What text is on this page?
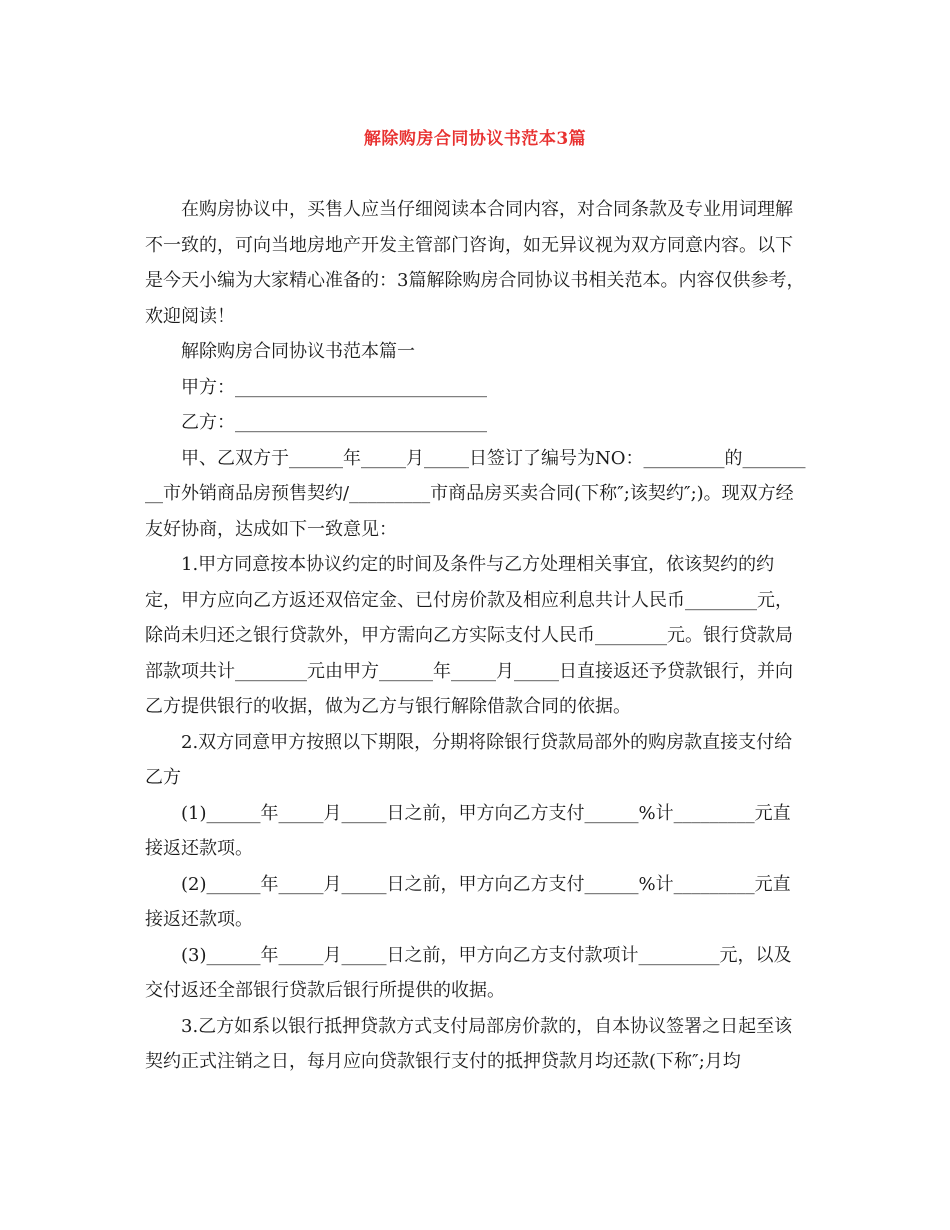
解除购房合同协议书范本3篇

在购房协议中，买售人应当仔细阅读本合同内容，对合同条款及专业用词理解不一致的，可向当地房地产开发主管部门咨询，如无异议视为双方同意内容。以下是今天小编为大家精心准备的：3篇解除购房合同协议书相关范本。内容仅供参考，欢迎阅读！

解除购房合同协议书范本篇一

甲方：____________________________

乙方：____________________________

甲、乙双方于______年_____月_____日签订了编号为NO：_________的_________市外销商品房预售契约/_________市商品房买卖合同(下称″;该契约″;)。现双方经友好协商，达成如下一致意见：

1.甲方同意按本协议约定的时间及条件与乙方处理相关事宜，依该契约的约定，甲方应向乙方返还双倍定金、已付房价款及相应利息共计人民币________元，除尚未归还之银行贷款外，甲方需向乙方实际支付人民币________元。银行贷款局部款项共计________元由甲方______年_____月_____日直接返还予贷款银行，并向乙方提供银行的收据，做为乙方与银行解除借款合同的依据。

2.双方同意甲方按照以下期限，分期将除银行贷款局部外的购房款直接支付给乙方

(1)______年_____月_____日之前，甲方向乙方支付______%计_________元直接返还款项。

(2)______年_____月_____日之前，甲方向乙方支付______%计_________元直接返还款项。

(3)______年_____月_____日之前，甲方向乙方支付款项计_________元，以及交付返还全部银行贷款后银行所提供的收据。

3.乙方如系以银行抵押贷款方式支付局部房价款的，自本协议签署之日起至该契约正式注销之日，每月应向贷款银行支付的抵押贷款月均还款(下称″;月均
